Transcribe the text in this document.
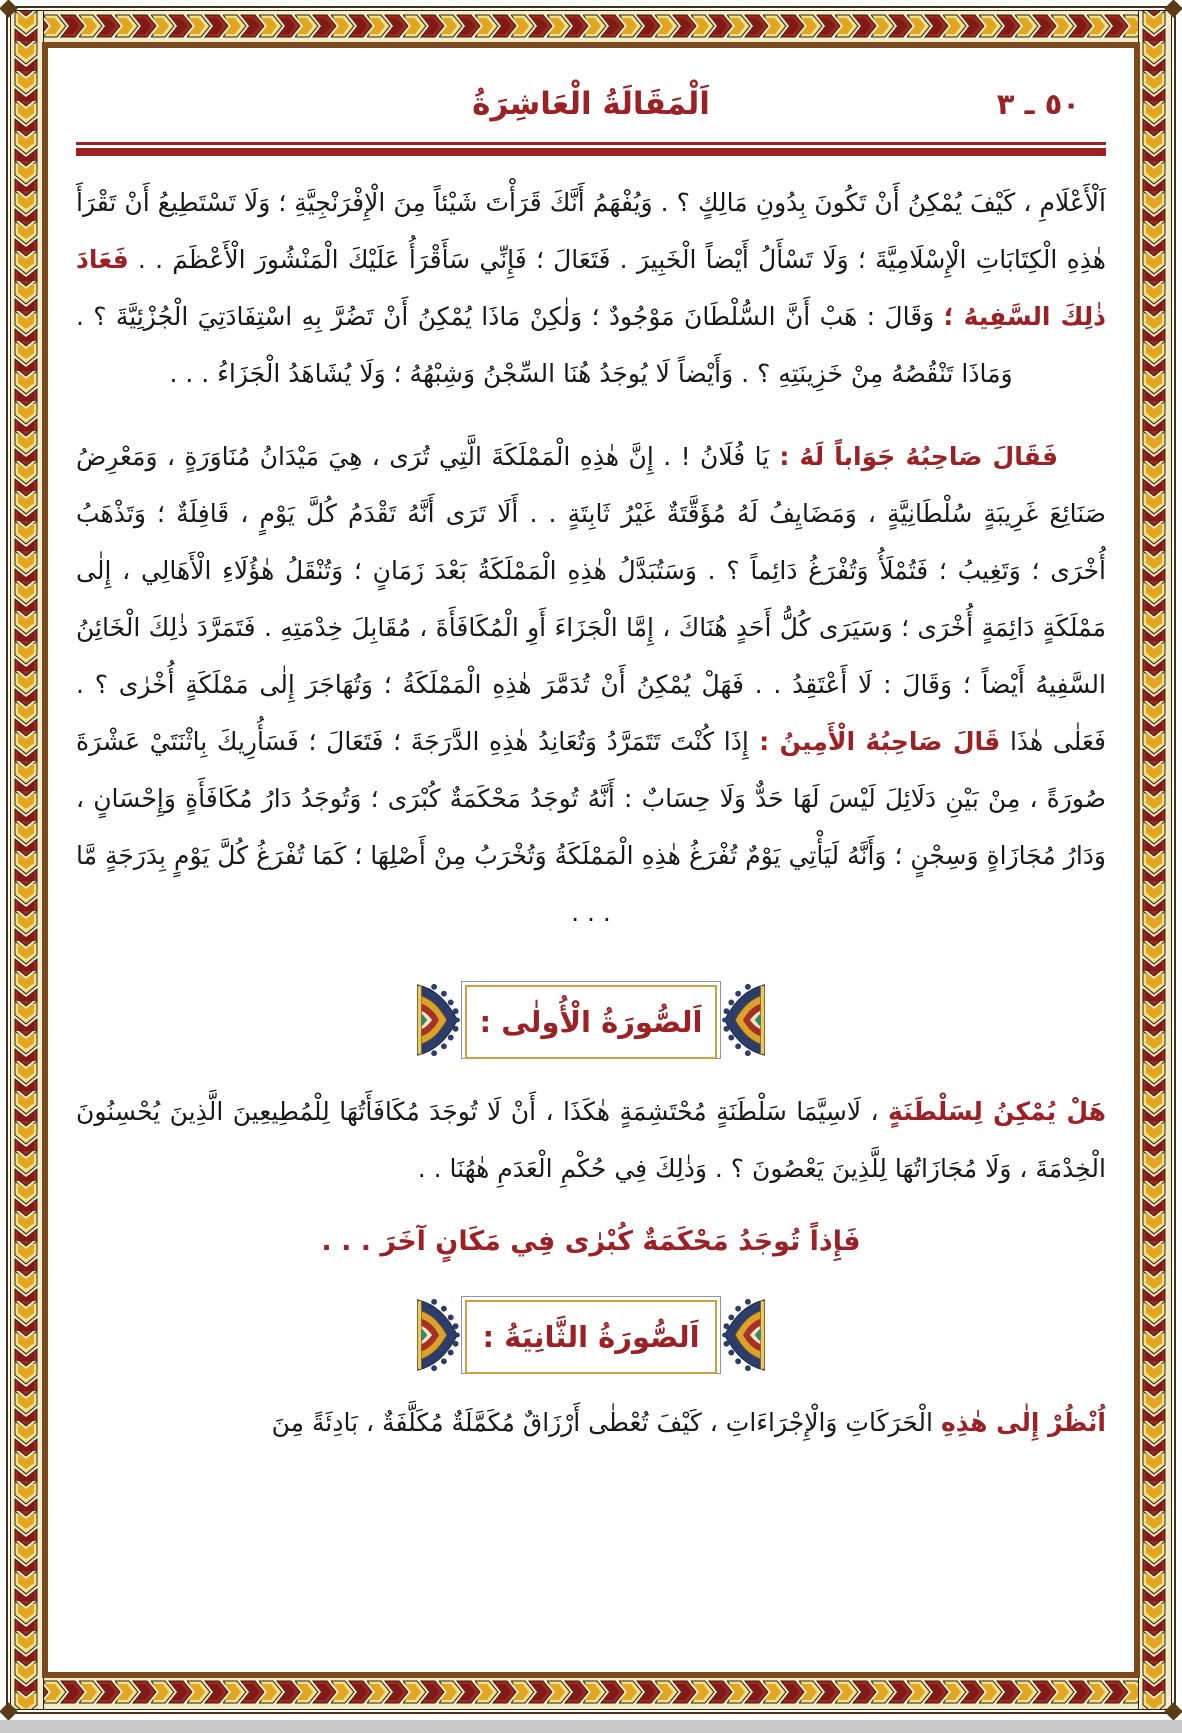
اَلْمَقَالَةُ الْعَاشِرَةُ	٥٠ ـ ٣

اَلْأَعْلَامِ ، كَيْفَ يُمْكِنُ أَنْ تَكُونَ بِدُونِ مَالِكٍ ؟ . وَيُفْهَمُ أَنَّكَ قَرَأْتَ شَيْئاً مِنَ الْإِفْرَنْجِيَّةِ ؛ وَلَا تَسْتَطِيعُ أَنْ تَقْرَأَ هٰذِهِ الْكِتَابَاتِ الْإِسْلَامِيَّةَ ؛ وَلَا تَسْأَلُ أَيْضاً الْخَبِيرَ . فَتَعَالَ ؛ فَإِنِّي سَأَقْرَأُ عَلَيْكَ الْمَنْشُورَ الْأَعْظَمَ . . فَعَادَ ذٰلِكَ السَّفِيهُ ؛ وَقَالَ : هَبْ أَنَّ السُّلْطَانَ مَوْجُودٌ ؛ وَلٰكِنْ مَاذَا يُمْكِنُ أَنْ تَضُرَّ بِهِ اسْتِفَادَتِيَ الْجُزْئِيَّةَ ؟ . وَمَاذَا تَنْقُصُهُ مِنْ خَزِينَتِهِ ؟ . وَأَيْضاً لَا يُوجَدُ هُنَا السِّجْنُ وَشِبْهُهُ ؛ وَلَا يُشَاهَدُ الْجَزَاءُ . . .

فَقَالَ صَاحِبُهُ جَوَاباً لَهُ : يَا فُلَانُ ! . إِنَّ هٰذِهِ الْمَمْلَكَةَ الَّتِي تُرَى ، هِيَ مَيْدَانُ مُنَاوَرَةٍ ، وَمَعْرِضُ صَنَائِعَ غَرِيبَةٍ سُلْطَانِيَّةٍ ، وَمَضَايِفُ لَهُ مُؤَقَّتَةٌ غَيْرُ ثَابِتَةٍ . . أَلَا تَرَى أَنَّهُ تَقْدَمُ كُلَّ يَوْمٍ ، قَافِلَةٌ ؛ وَتَذْهَبُ أُخْرَى ؛ وَتَغِيبُ ؛ فَتُمْلَأُ وَتُفْرَغُ دَائِماً ؟ . وَسَتُبَدَّلُ هٰذِهِ الْمَمْلَكَةُ بَعْدَ زَمَانٍ ؛ وَتُنْقَلُ هٰؤُلَاءِ الْأَهَالِي ، إِلٰى مَمْلَكَةٍ دَائِمَةٍ أُخْرَى ؛ وَسَيَرَى كُلُّ أَحَدٍ هُنَاكَ ، إِمَّا الْجَزَاءَ أَوِ الْمُكَافَأَةَ ، مُقَابِلَ خِدْمَتِهِ . فَتَمَرَّدَ ذٰلِكَ الْخَائِنُ السَّفِيهُ أَيْضاً ؛ وَقَالَ : لَا أَعْتَقِدُ . . فَهَلْ يُمْكِنُ أَنْ تُدَمَّرَ هٰذِهِ الْمَمْلَكَةُ ؛ وَتُهَاجَرَ إِلٰى مَمْلَكَةٍ أُخْرٰى ؟ . فَعَلٰى هٰذَا قَالَ صَاحِبُهُ الْأَمِينُ : إِذَا كُنْتَ تَتَمَرَّدُ وَتُعَانِدُ هٰذِهِ الدَّرَجَةَ ؛ فَتَعَالَ ؛ فَسَأُرِيكَ بِاثْنَتَيْ عَشْرَةَ صُورَةً ، مِنْ بَيْنِ دَلَائِلَ لَيْسَ لَهَا حَدٌّ وَلَا حِسَابٌ : أَنَّهُ تُوجَدُ مَحْكَمَةٌ كُبْرَى ؛ وَتُوجَدُ دَارُ مُكَافَأَةٍ وَإِحْسَانٍ ، وَدَارُ مُجَازَاةٍ وَسِجْنٍ ؛ وَأَنَّهُ لَيَأْتِي يَوْمٌ تُفْرَغُ هٰذِهِ الْمَمْلَكَةُ وَتُخْرَبُ مِنْ أَصْلِهَا ؛ كَمَا تُفْرَغُ كُلَّ يَوْمٍ بِدَرَجَةٍ مَّا . . .

اَلصُّورَةُ الْأُولٰى :

هَلْ يُمْكِنُ لِسَلْطَنَةٍ ، لَاسِيَّمَا سَلْطَنَةٍ مُحْتَشِمَةٍ هٰكَذَا ، أَنْ لَا تُوجَدَ مُكَافَأَتُهَا لِلْمُطِيعِينَ الَّذِينَ يُحْسِنُونَ الْخِدْمَةَ ، وَلَا مُجَازَاتُهَا لِلَّذِينَ يَعْصُونَ ؟ . وَذٰلِكَ فِي حُكْمِ الْعَدَمِ هٰهُنَا . .

فَإِذاً تُوجَدُ مَحْكَمَةٌ كُبْرٰى فِي مَكَانٍ آخَرَ . . .

اَلصُّورَةُ الثَّانِيَةُ :

اُنْظُرْ إِلٰى هٰذِهِ الْحَرَكَاتِ وَالْإِجْرَاءَاتِ ، كَيْفَ تُعْطٰى أَرْزَاقٌ مُكَمَّلَةٌ مُكَلَّفَةٌ ، بَادِئَةً مِنَ
